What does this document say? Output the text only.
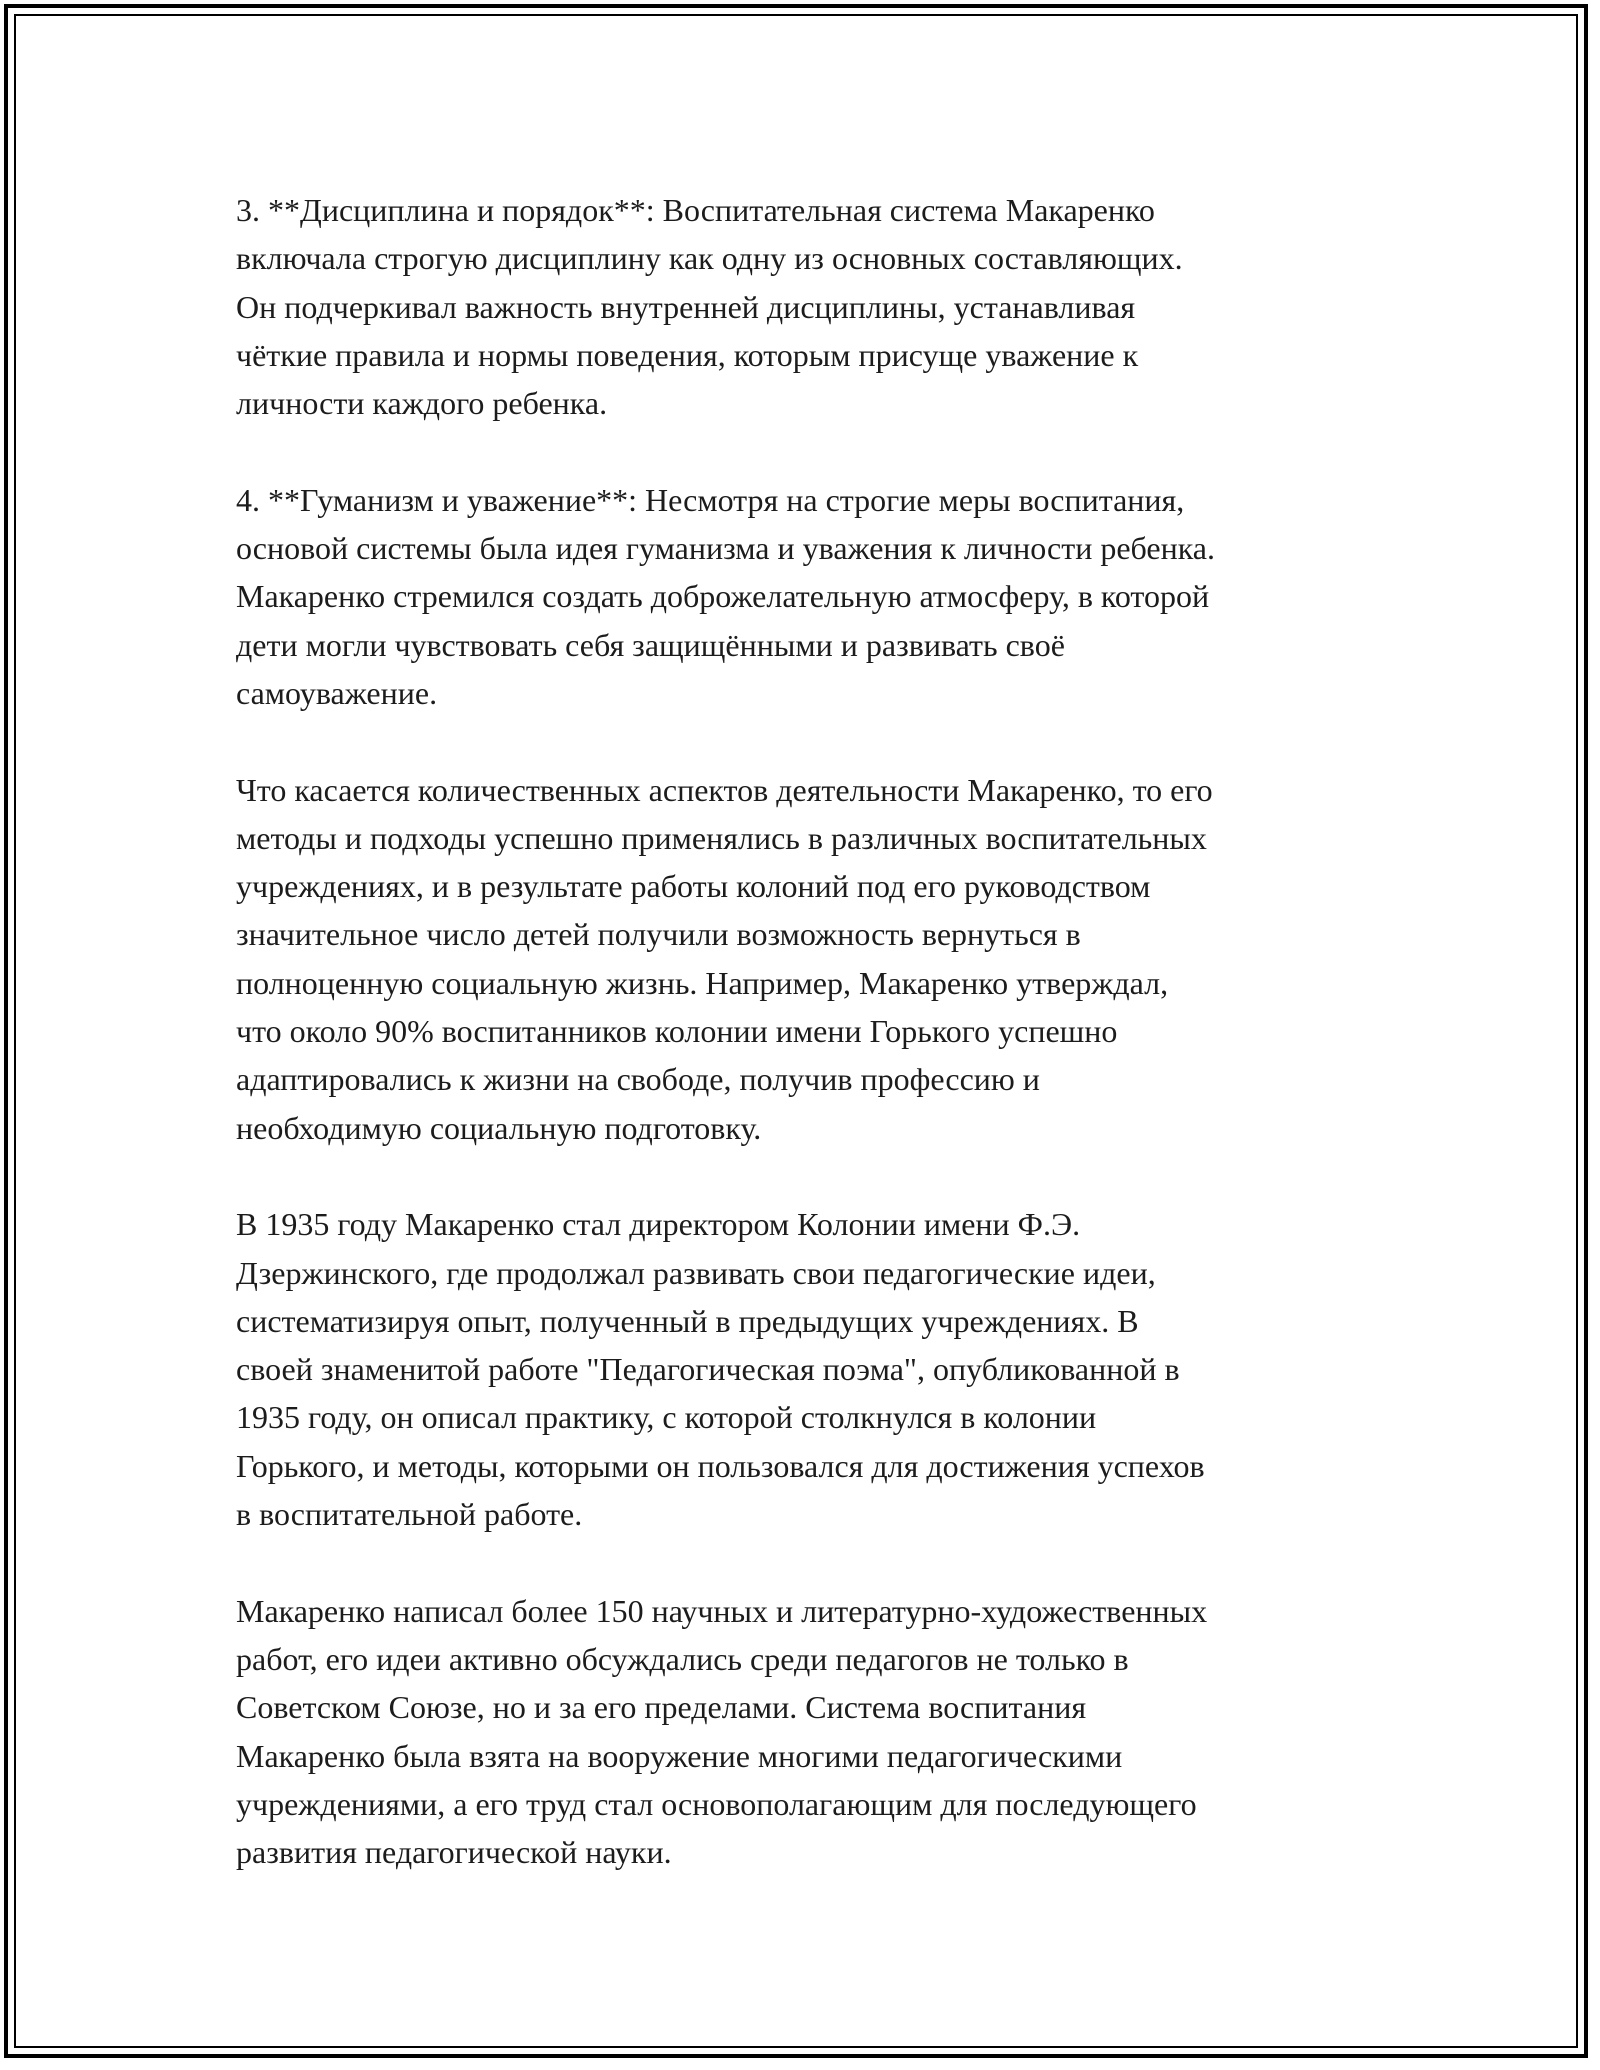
3. **Дисциплина и порядок**: Воспитательная система Макаренко
включала строгую дисциплину как одну из основных составляющих.
Он подчеркивал важность внутренней дисциплины, устанавливая
чёткие правила и нормы поведения, которым присуще уважение к
личности каждого ребенка.

4. **Гуманизм и уважение**: Несмотря на строгие меры воспитания,
основой системы была идея гуманизма и уважения к личности ребенка.
Макаренко стремился создать доброжелательную атмосферу, в которой
дети могли чувствовать себя защищёнными и развивать своё
самоуважение.

Что касается количественных аспектов деятельности Макаренко, то его
методы и подходы успешно применялись в различных воспитательных
учреждениях, и в результате работы колоний под его руководством
значительное число детей получили возможность вернуться в
полноценную социальную жизнь. Например, Макаренко утверждал,
что около 90% воспитанников колонии имени Горького успешно
адаптировались к жизни на свободе, получив профессию и
необходимую социальную подготовку.

В 1935 году Макаренко стал директором Колонии имени Ф.Э.
Дзержинского, где продолжал развивать свои педагогические идеи,
систематизируя опыт, полученный в предыдущих учреждениях. В
своей знаменитой работе "Педагогическая поэма", опубликованной в
1935 году, он описал практику, с которой столкнулся в колонии
Горького, и методы, которыми он пользовался для достижения успехов
в воспитательной работе.

Макаренко написал более 150 научных и литературно-художественных
работ, его идеи активно обсуждались среди педагогов не только в
Советском Союзе, но и за его пределами. Система воспитания
Макаренко была взята на вооружение многими педагогическими
учреждениями, а его труд стал основополагающим для последующего
развития педагогической науки.
